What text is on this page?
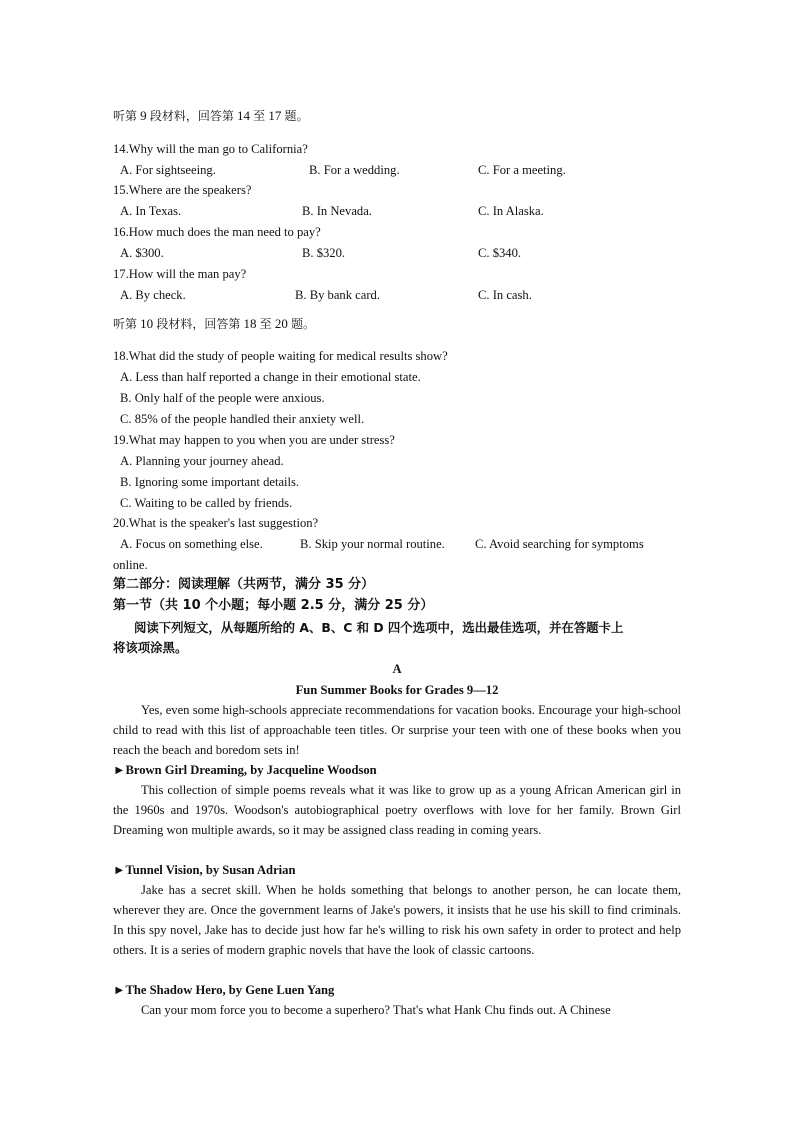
听第 9 段材料，回答第 14 至 17 题。
14.Why will the man go to California?
A. For sightseeing.	B. For a wedding.	C. For a meeting.
15.Where are the speakers?
A. In Texas.	B. In Nevada.	C. In Alaska.
16.How much does the man need to pay?
A. $300.	B. $320.	C. $340.
17.How will the man pay?
A. By check.	B. By bank card.	C. In cash.
听第 10 段材料，回答第 18 至 20 题。
18.What did the study of people waiting for medical results show?
A. Less than half reported a change in their emotional state.
B. Only half of the people were anxious.
C. 85% of the people handled their anxiety well.
19.What may happen to you when you are under stress?
A. Planning your journey ahead.
B. Ignoring some important details.
C. Waiting to be called by friends.
20.What is the speaker's last suggestion?
A. Focus on something else.	B. Skip your normal routine. C. Avoid searching for symptoms
online.
第二部分：阅读理解（共两节，满分 35 分）
第一节（共 10 个小题；每小题 2.5 分，满分 25 分）
阅读下列短文，从每题所给的 A、B、C 和 D 四个选项中，选出最佳选项，并在答题卡上
将该项涂黑。
A
Fun Summer Books for Grades 9—12
Yes, even some high-schools appreciate recommendations for vacation books. Encourage your high-school child to read with this list of approachable teen titles. Or surprise your teen with one of these books when you reach the beach and boredom sets in!
►Brown Girl Dreaming, by Jacqueline Woodson
This collection of simple poems reveals what it was like to grow up as a young African American girl in the 1960s and 1970s. Woodson's autobiographical poetry overflows with love for her family. Brown Girl Dreaming won multiple awards, so it may be assigned class reading in coming years.
►Tunnel Vision, by Susan Adrian
Jake has a secret skill. When he holds something that belongs to another person, he can locate them, wherever they are. Once the government learns of Jake's powers, it insists that he use his skill to find criminals. In this spy novel, Jake has to decide just how far he's willing to risk his own safety in order to protect and help others. It is a series of modern graphic novels that have the look of classic cartoons.
►The Shadow Hero, by Gene Luen Yang
Can your mom force you to become a superhero? That's what Hank Chu finds out. A Chinese
